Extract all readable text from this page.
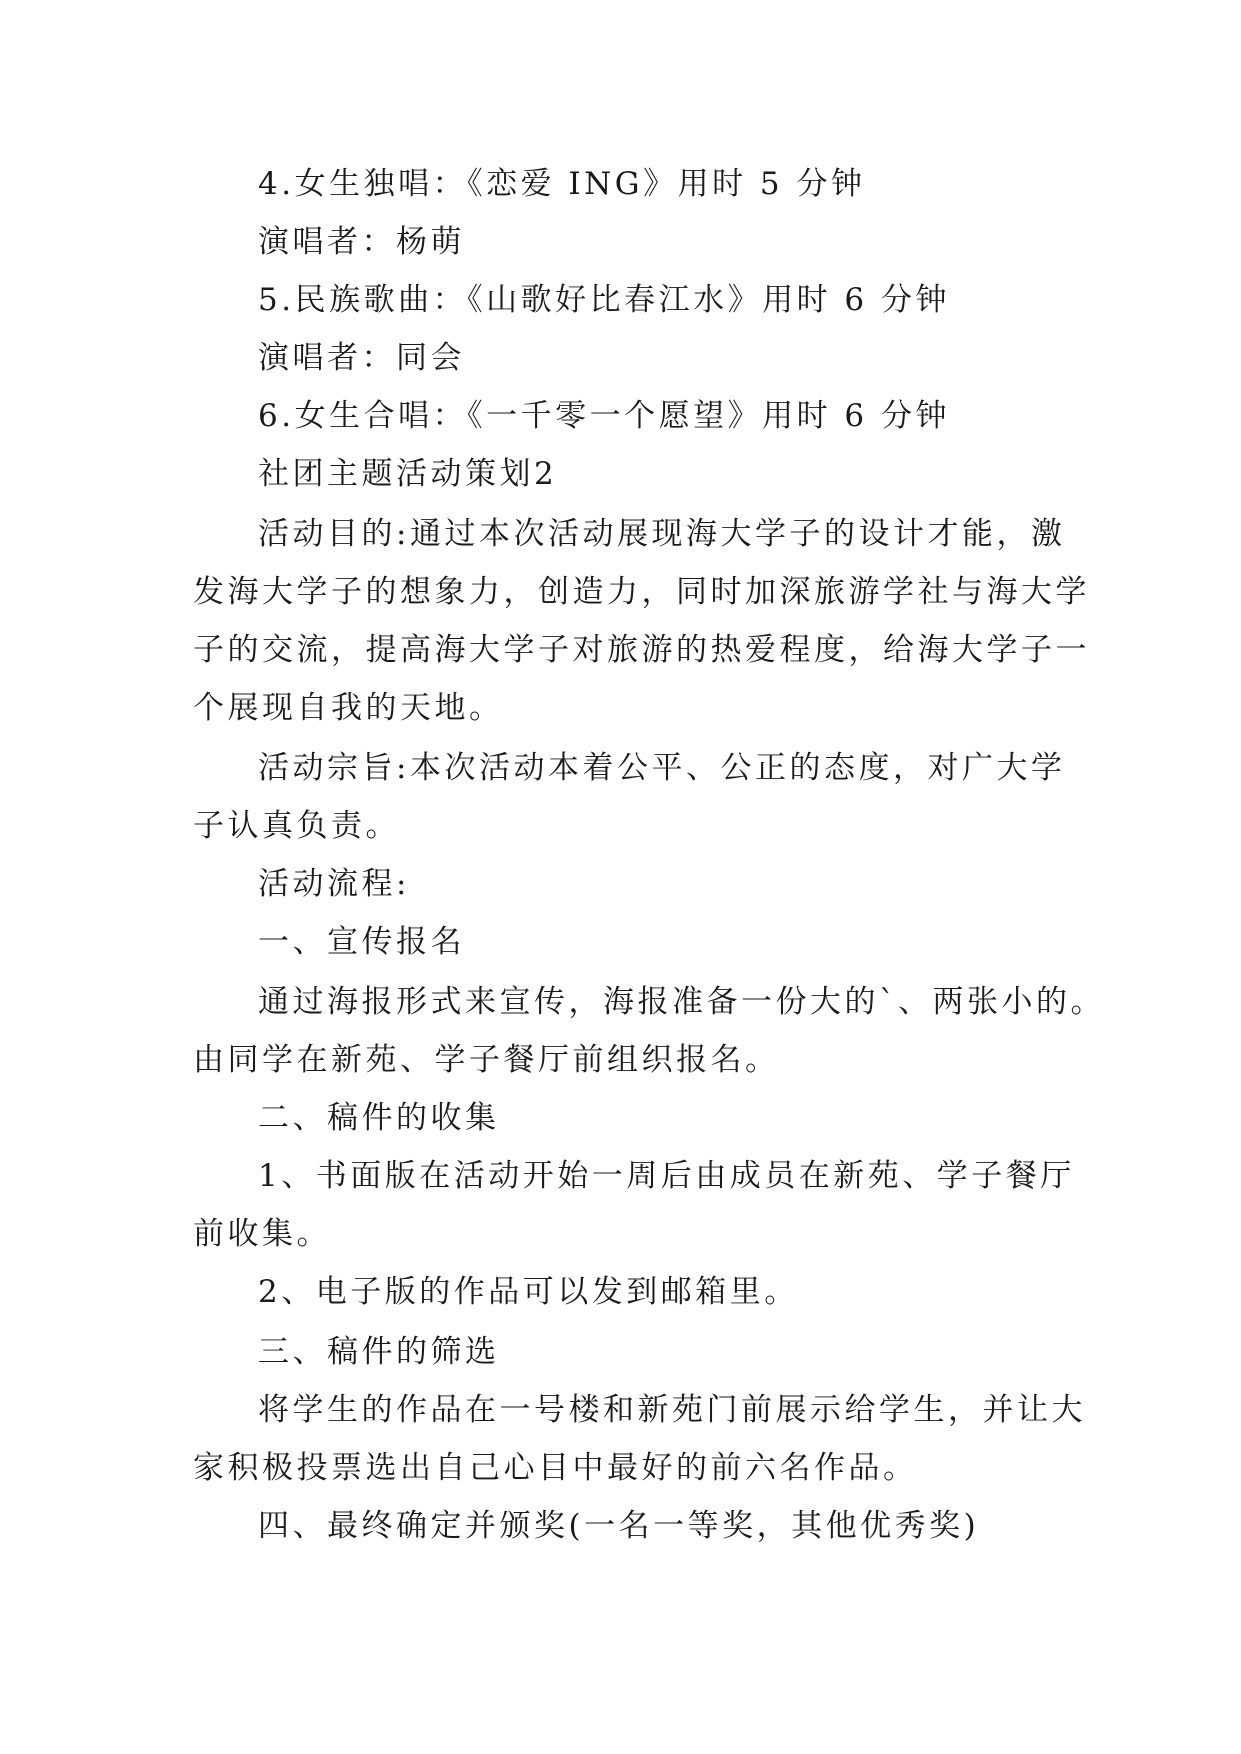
4.女生独唱：《恋爱 ING》用时 5 分钟
演唱者：杨萌
5.民族歌曲：《山歌好比春江水》用时 6 分钟
演唱者：同会
6.女生合唱：《一千零一个愿望》用时 6 分钟
社团主题活动策划2
活动目的:通过本次活动展现海大学子的设计才能，激
发海大学子的想象力，创造力，同时加深旅游学社与海大学
子的交流，提高海大学子对旅游的热爱程度，给海大学子一
个展现自我的天地。
活动宗旨:本次活动本着公平、公正的态度，对广大学
子认真负责。
活动流程:
一、宣传报名
通过海报形式来宣传，海报准备一份大的`、两张小的。
由同学在新苑、学子餐厅前组织报名。
二、稿件的收集
1、书面版在活动开始一周后由成员在新苑、学子餐厅
前收集。
2、电子版的作品可以发到邮箱里。
三、稿件的筛选
将学生的作品在一号楼和新苑门前展示给学生，并让大
家积极投票选出自己心目中最好的前六名作品。
四、最终确定并颁奖(一名一等奖，其他优秀奖)
